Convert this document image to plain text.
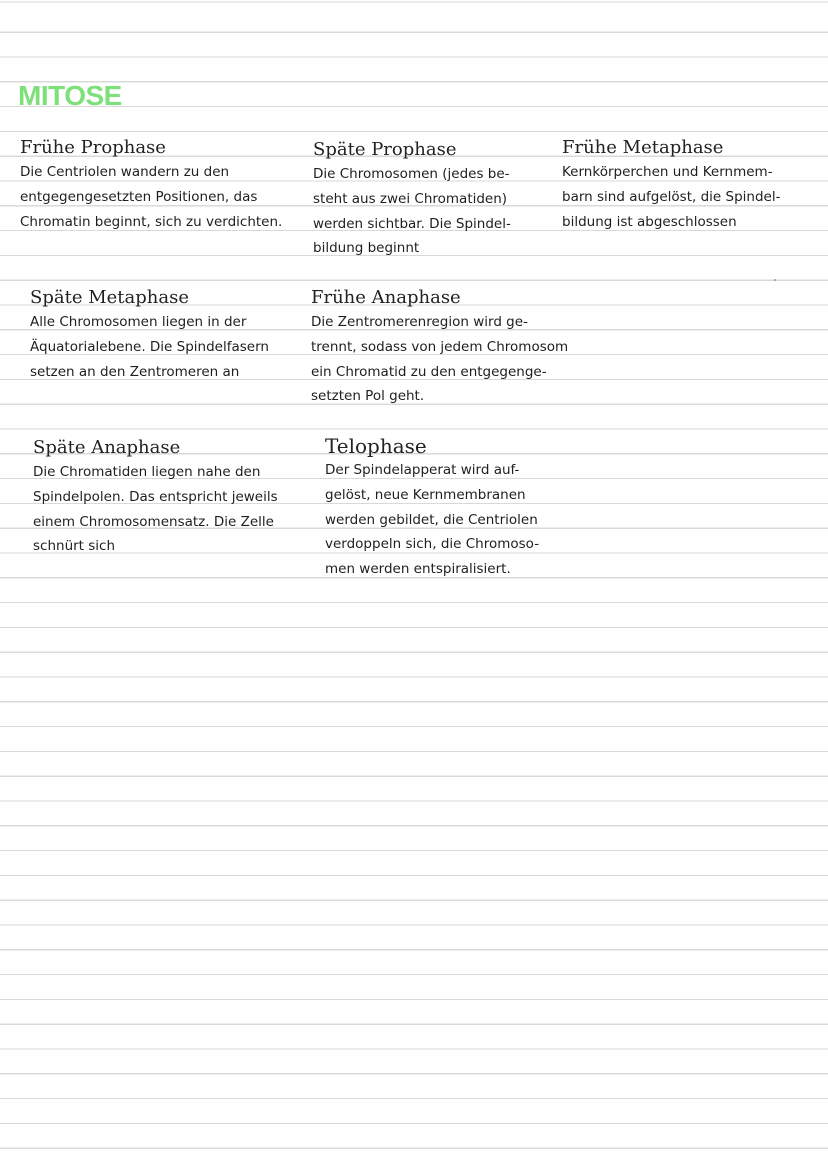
MITOSE
Frühe Prophase
Die Centriolen wandern zu den
entgegengesetzten Positionen, das
Chromatin beginnt, sich zu verdichten.
Späte Prophase
Die Chromosomen (jedes be-
steht aus zwei Chromatiden)
werden sichtbar. Die Spindel-
bildung beginnt
Frühe Metaphase
Kernkörperchen und Kernmem-
barn sind aufgelöst, die Spindel-
bildung ist abgeschlossen
Späte Metaphase
Alle Chromosomen liegen in der
Äquatorialebene. Die Spindelfasern
setzen an den Zentromeren an
Frühe Anaphase
Die Zentromerenregion wird ge-
trennt, sodass von jedem Chromosom
ein Chromatid zu den entgegenge-
setzten Pol geht.
Späte Anaphase
Die Chromatiden liegen nahe den
Spindelpolen. Das entspricht jeweils
einem Chromosomensatz. Die Zelle
schnürt sich
Telophase
Der Spindelapperat wird auf-
gelöst, neue Kernmembranen
werden gebildet, die Centriolen
verdoppeln sich, die Chromoso-
men werden entspiralisiert.
